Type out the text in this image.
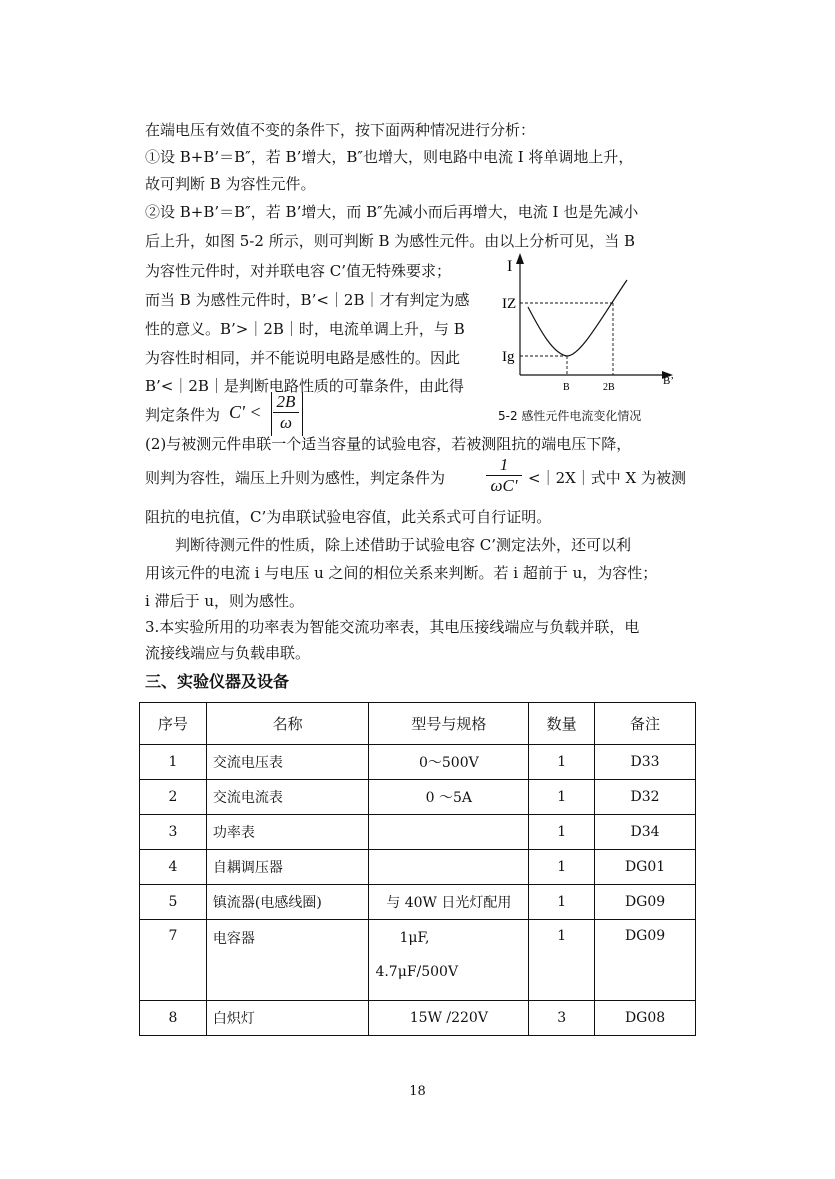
在端电压有效值不变的条件下，按下面两种情况进行分析：
①设 B+B’＝B″，若 B’增大，B″也增大，则电路中电流 I 将单调地上升，
故可判断 B 为容性元件。
②设 B+B’＝B″，若 B’增大，而 B″先减小而后再增大，电流 I 也是先减小
后上升，如图 5-2 所示，则可判断 B 为感性元件。由以上分析可见，当 B
为容性元件时，对并联电容 C’值无特殊要求；
而当 B 为感性元件时，B’<｜2B｜才有判定为感
性的意义。B’>｜2B｜时，电流单调上升，与 B
为容性时相同，并不能说明电路是感性的。因此
B’<｜2B｜是判断电路性质的可靠条件，由此得
判定条件为 $C' < \frac{2B}{\omega}$
(2)与被测元件串联一个适当容量的试验电容，若被测阻抗的端电压下降，
则判为容性，端压上升则为感性，判定条件为 $\frac{1}{\omega C'}$ <｜2X｜式中 X 为被测
阻抗的电抗值，C’为串联试验电容值，此关系式可自行证明。
判断待测元件的性质，除上述借助于试验电容 C’测定法外，还可以利
用该元件的电流 i 与电压 u 之间的相位关系来判断。若 i 超前于 u，为容性；
i 滞后于 u，则为感性。
3.本实验所用的功率表为智能交流功率表，其电压接线端应与负载并联，电
流接线端应与负载串联。
I
IZ
Ig
B	2B
B’
5-2 感性元件电流变化情况
三、实验仪器及设备
序号	名称	型号与规格	数量	备注
1	交流电压表	0～500V	1	D33
2	交流电流表	0 ～5A	1	D32
3	功率表		1	D34
4	自耦调压器		1	DG01
5	镇流器(电感线圈)	与 40W 日光灯配用	1	DG09
7	电容器	1μF,
4.7μF/500V	1	DG09
8	白炽灯	15W /220V	3	DG08
18
